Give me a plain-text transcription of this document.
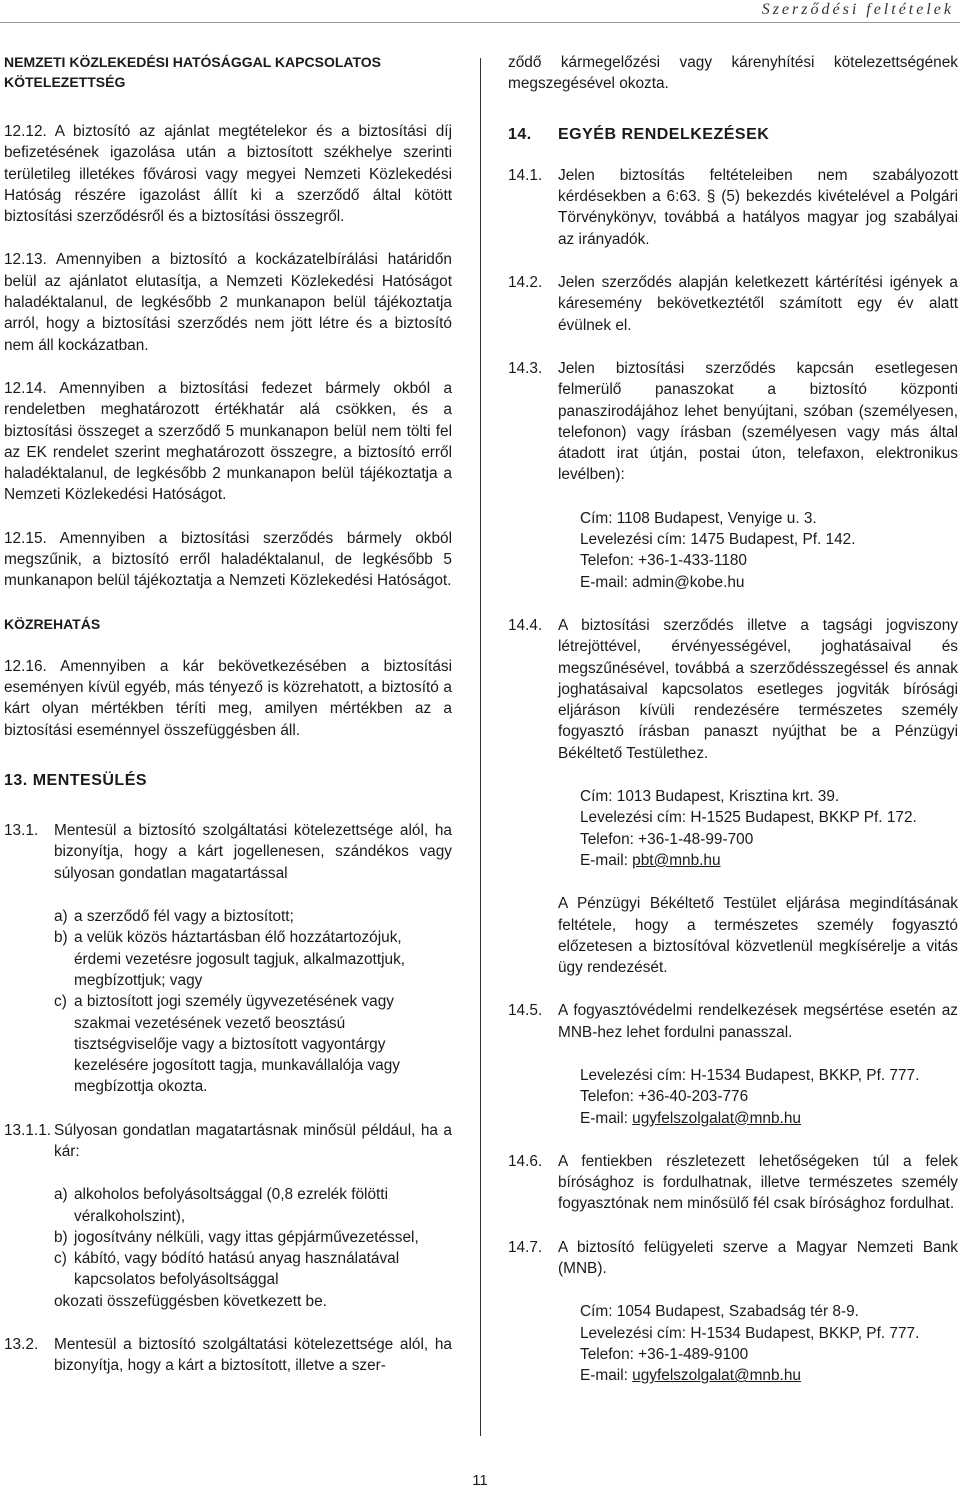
Szerződési feltételek
NEMZETI KÖZLEKEDÉSI HATÓSÁGGAL KAPCSOLATOS KÖTELEZETTSÉG
12.12. A biztosító az ajánlat megtételekor és a biztosítási díj befizetésének igazolása után a biztosított székhelye szerinti területileg illetékes fővárosi vagy megyei Nemzeti Közlekedési Hatóság részére igazolást állít ki a szerződő által kötött biztosítási szerződésről és a biztosítási összegről.
12.13. Amennyiben a biztosító a kockázatelbírálási határidőn belül az ajánlatot elutasítja, a Nemzeti Közlekedési Hatóságot haladéktalanul, de legkésőbb 2 munkanapon belül tájékoztatja arról, hogy a biztosítási szerződés nem jött létre és a biztosító nem áll kockázatban.
12.14. Amennyiben a biztosítási fedezet bármely okból a rendeletben meghatározott értékhatár alá csökken, és a biztosítási összeget a szerződő 5 munkanapon belül nem tölti fel az EK rendelet szerint meghatározott összegre, a biztosító erről haladéktalanul, de legkésőbb 2 munkanapon belül tájékoztatja a Nemzeti Közlekedési Hatóságot.
12.15. Amennyiben a biztosítási szerződés bármely okból megszűnik, a biztosító erről haladéktalanul, de legkésőbb 5 munkanapon belül tájékoztatja a Nemzeti Közlekedési Hatóságot.
KÖZREHATÁS
12.16. Amennyiben a kár bekövetkezésében a biztosítási eseményen kívül egyéb, más tényező is közrehatott, a biztosító a kárt olyan mértékben téríti meg, amilyen mértékben az a biztosítási eseménnyel összefüggésben áll.
13. MENTESÜLÉS
13.1.	Mentesül a biztosító szolgáltatási kötelezettsége alól, ha bizonyítja, hogy a kárt jogellenesen, szándékos vagy súlyosan gondatlan magatartással
a) a szerződő fél vagy a biztosított;
b) a velük közös háztartásban élő hozzátartozójuk, érdemi vezetésre jogosult tagjuk, alkalmazottjuk, megbízottjuk; vagy
c) a biztosított jogi személy ügyvezetésének vagy szakmai vezetésének vezető beosztású tisztségviselője vagy a biztosított vagyontárgy kezelésére jogosított tagja, munkavállalója vagy megbízottja okozta.
13.1.1. Súlyosan gondatlan magatartásnak minősül például, ha a kár:
a) alkoholos befolyásoltsággal (0,8 ezrelék fölötti véralkoholszint),
b) jogosítvány nélküli, vagy ittas gépjárművezetéssel,
c) kábító, vagy bódító hatású anyag használatával kapcsolatos befolyásoltsággal
okozati összefüggésben következett be.
13.2.	Mentesül a biztosító szolgáltatási kötelezettsége alól, ha bizonyítja, hogy a kárt a biztosított, illetve a szer-
ződő kármegelőzési vagy kárenyhítési kötelezettségének megszegésével okozta.
14.	EGYÉB RENDELKEZÉSEK
14.1.	Jelen biztosítás feltételeiben nem szabályozott kérdésekben a 6:63. § (5) bekezdés kivételével a Polgári Törvénykönyv, továbbá a hatályos magyar jog szabályai az irányadók.
14.2.	Jelen szerződés alapján keletkezett kártérítési igények a káresemény bekövetkeztétől számított egy év alatt évülnek el.
14.3.	Jelen biztosítási szerződés kapcsán esetlegesen felmerülő panaszokat a biztosító központi panaszirodájához lehet benyújtani, szóban (személyesen, telefonon) vagy írásban (személyesen vagy más által átadott irat útján, postai úton, telefaxon, elektronikus levélben):
Cím: 1108 Budapest, Venyige u. 3.
Levelezési cím: 1475 Budapest, Pf. 142.
Telefon: +36-1-433-1180
E-mail: admin@kobe.hu
14.4.	A biztosítási szerződés illetve a tagsági jogviszony létrejöttével, érvényességével, joghatásaival és megszűnésével, továbbá a szerződésszegéssel és annak joghatásaival kapcsolatos esetleges jogviták bírósági eljáráson kívüli rendezésére természetes személy fogyasztó írásban panaszt nyújthat be a Pénzügyi Békéltető Testülethez.
Cím: 1013 Budapest, Krisztina krt. 39.
Levelezési cím: H-1525 Budapest, BKKP Pf. 172.
Telefon: +36-1-48-99-700
E-mail: pbt@mnb.hu
A Pénzügyi Békéltető Testület eljárása megindításának feltétele, hogy a természetes személy fogyasztó előzetesen a biztosítóval közvetlenül megkísérelje a vitás ügy rendezését.
14.5.	A fogyasztóvédelmi rendelkezések megsértése esetén az MNB-hez lehet fordulni panasszal.
Levelezési cím: H-1534 Budapest, BKKP, Pf. 777.
Telefon: +36-40-203-776
E-mail: ugyfelszolgalat@mnb.hu
14.6.	A fentiekben részletezett lehetőségeken túl a felek bírósághoz is fordulhatnak, illetve természetes személy fogyasztónak nem minősülő fél csak bírósághoz fordulhat.
14.7.	A biztosító felügyeleti szerve a Magyar Nemzeti Bank (MNB).
Cím: 1054 Budapest, Szabadság tér 8-9.
Levelezési cím: H-1534 Budapest, BKKP, Pf. 777.
Telefon: +36-1-489-9100
E-mail: ugyfelszolgalat@mnb.hu
11
